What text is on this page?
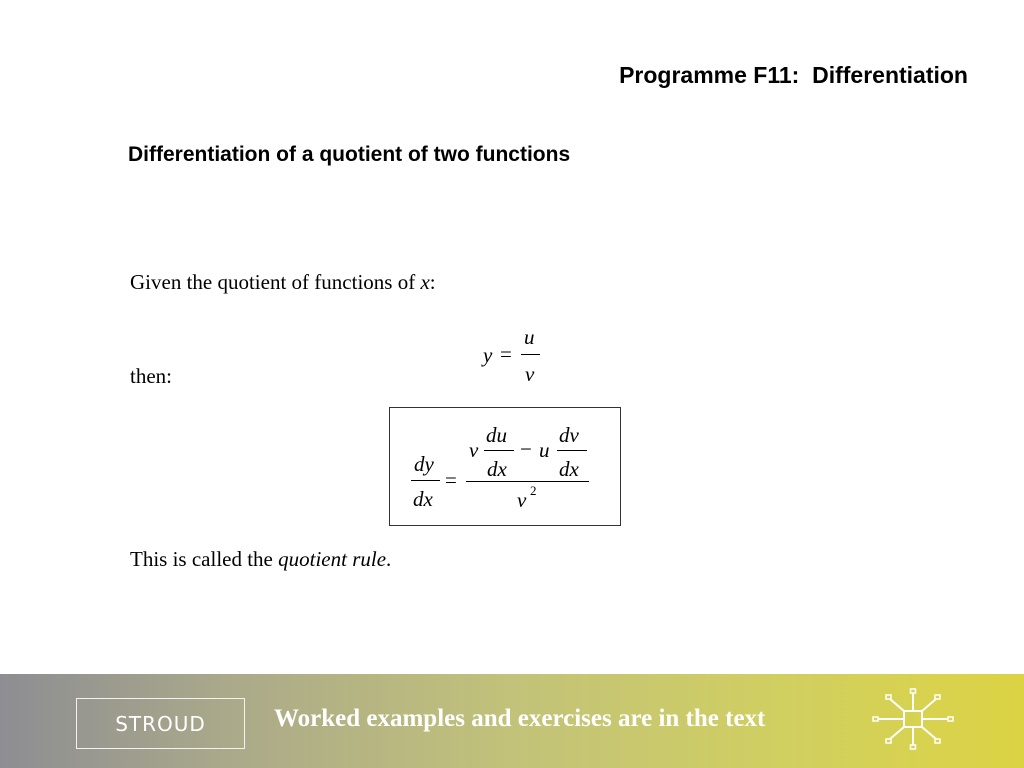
Programme F11:  Differentiation
Differentiation of a quotient of two functions
Given the quotient of functions of x:
y =
u
v
then:
dy
dx
=
v
du
dx
− u
dv
dx
v 2
This is called the quotient rule.
STROUD	Worked examples and exercises are in the text
